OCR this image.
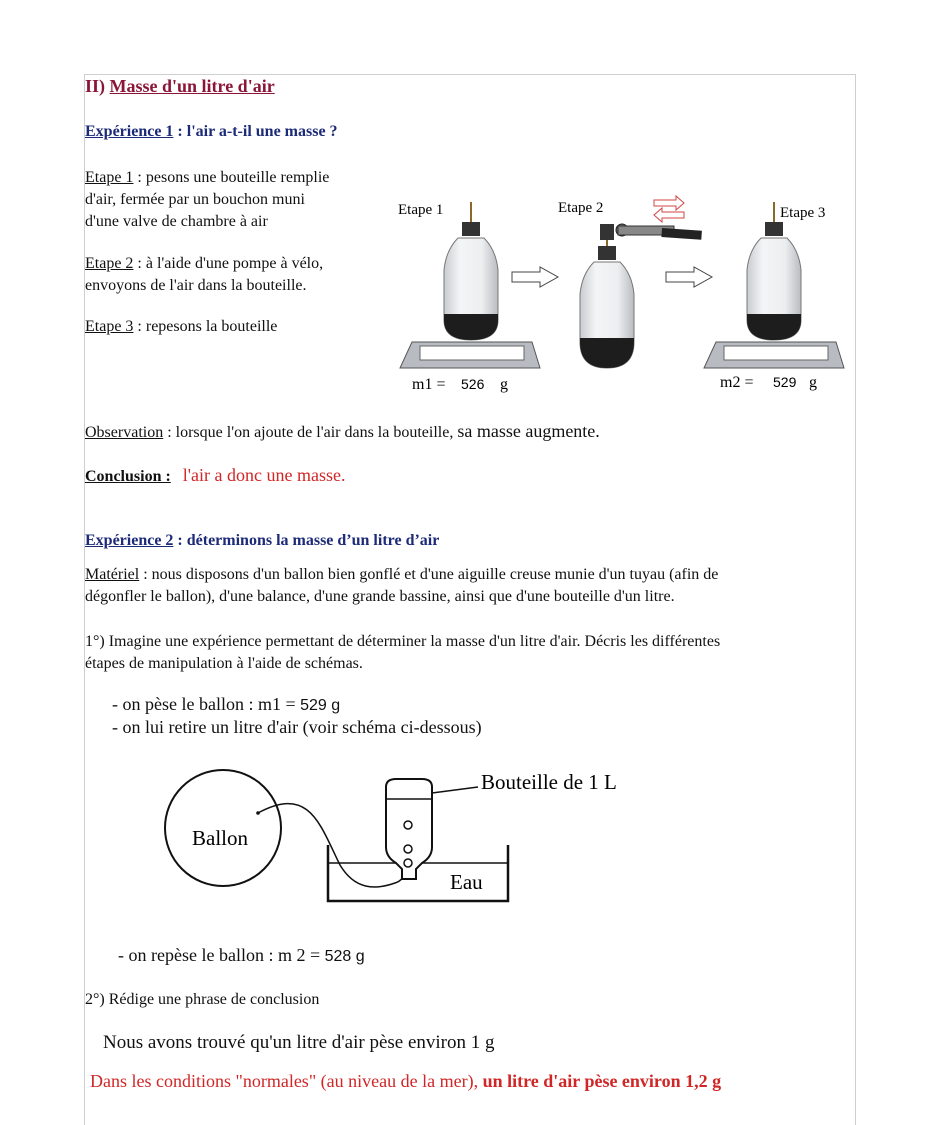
II) Masse d'un litre d'air
Expérience 1 : l'air a-t-il une masse ?
Etape 1 : pesons une bouteille remplie
d'air, fermée par un bouchon muni
d'une valve de chambre à air
Etape 2 : à l'aide d'une pompe à vélo,
envoyons de l'air dans la bouteille.
Etape 3 : repesons la bouteille
Etape 1
m1 = 526 g
Etape 2	Etape 3
m2 = 529 g
Observation : lorsque l'on ajoute de l'air dans la bouteille, sa masse augmente.
Conclusion : l'air a donc une masse.
Expérience 2 : déterminons la masse d’un litre d’air
Matériel : nous disposons d'un ballon bien gonflé et d'une aiguille creuse munie d'un tuyau (afin de
dégonfler le ballon), d'une balance, d'une grande bassine, ainsi que d'une bouteille d'un litre.
1°) Imagine une expérience permettant de déterminer la masse d'un litre d'air. Décris les différentes
étapes de manipulation à l'aide de schémas.
- on pèse le ballon : m1 = 529 g
- on lui retire un litre d'air (voir schéma ci-dessous)
Ballon
Eau
Bouteille de 1 L
- on repèse le ballon : m 2 = 528 g
2°) Rédige une phrase de conclusion
Nous avons trouvé qu'un litre d'air pèse environ 1 g
Dans les conditions "normales" (au niveau de la mer), un litre d'air pèse environ 1,2 g
